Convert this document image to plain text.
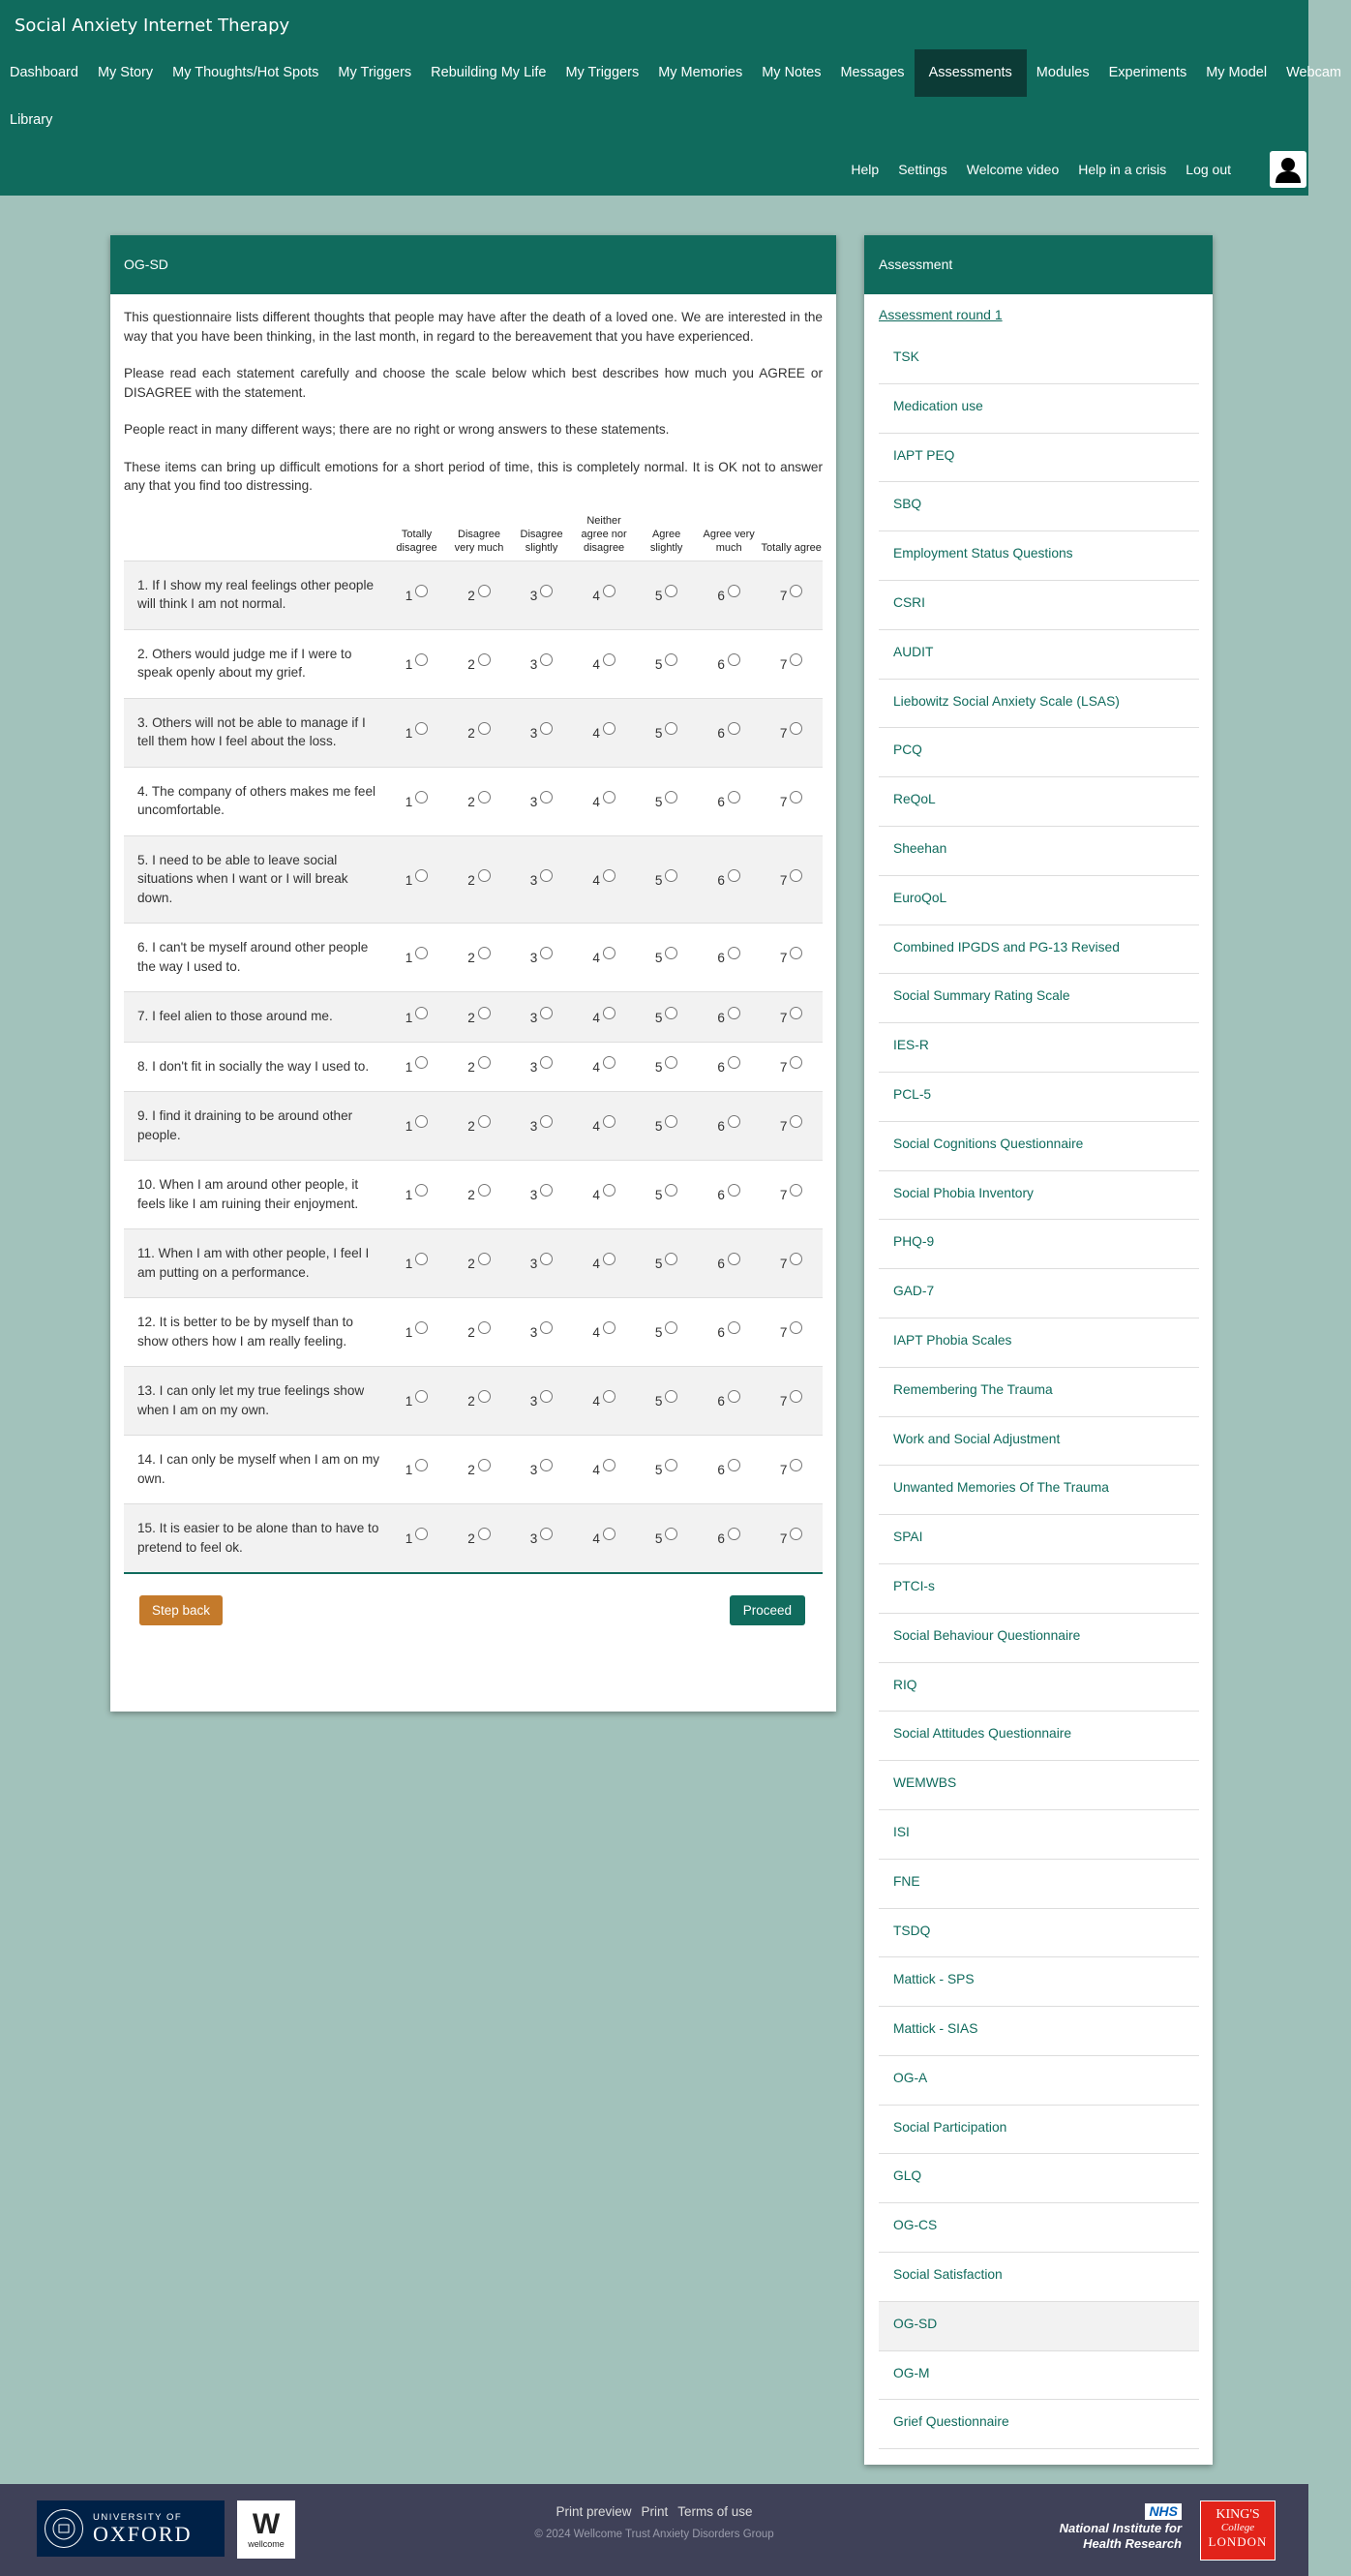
Social Anxiety Internet Therapy
Dashboard	My Story	My Thoughts/Hot Spots	My Triggers	Rebuilding My Life	My Triggers	My Memories	My Notes	Messages	Assessments	Modules	Experiments	My Model	Webcam
Library
Help	Settings	Welcome video	Help in a crisis	Log out
OG-SD

This questionnaire lists different thoughts that people may have after the death of a loved one. We are interested in the way that you have been thinking, in the last month, in regard to the bereavement that you have experienced.

Please read each statement carefully and choose the scale below which best describes how much you AGREE or DISAGREE with the statement.

People react in many different ways; there are no right or wrong answers to these statements.

These items can bring up difficult emotions for a short period of time, this is completely normal. It is OK not to answer any that you find too distressing.

	Totally disagree	Disagree very much	Disagree slightly	Neither agree nor disagree	Agree slightly	Agree very much	Totally agree
1. If I show my real feelings other people will think I am not normal.	1	2	3	4	5	6	7
2. Others would judge me if I were to speak openly about my grief.	1	2	3	4	5	6	7
3. Others will not be able to manage if I tell them how I feel about the loss.	1	2	3	4	5	6	7
4. The company of others makes me feel uncomfortable.	1	2	3	4	5	6	7
5. I need to be able to leave social situations when I want or I will break down.	1	2	3	4	5	6	7
6. I can't be myself around other people the way I used to.	1	2	3	4	5	6	7
7. I feel alien to those around me.	1	2	3	4	5	6	7
8. I don't fit in socially the way I used to.	1	2	3	4	5	6	7
9. I find it draining to be around other people.	1	2	3	4	5	6	7
10. When I am around other people, it feels like I am ruining their enjoyment.	1	2	3	4	5	6	7
11. When I am with other people, I feel I am putting on a performance.	1	2	3	4	5	6	7
12. It is better to be by myself than to show others how I am really feeling.	1	2	3	4	5	6	7
13. I can only let my true feelings show when I am on my own.	1	2	3	4	5	6	7
14. I can only be myself when I am on my own.	1	2	3	4	5	6	7
15. It is easier to be alone than to have to pretend to feel ok.	1	2	3	4	5	6	7
Step back	Proceed
Assessment
Assessment round 1
TSK
Medication use
IAPT PEQ
SBQ
Employment Status Questions
CSRI
AUDIT
Liebowitz Social Anxiety Scale (LSAS)
PCQ
ReQoL
Sheehan
EuroQoL
Combined IPGDS and PG-13 Revised
Social Summary Rating Scale
IES-R
PCL-5
Social Cognitions Questionnaire
Social Phobia Inventory
PHQ-9
GAD-7
IAPT Phobia Scales
Remembering The Trauma
Work and Social Adjustment
Unwanted Memories Of The Trauma
SPAI
PTCI-s
Social Behaviour Questionnaire
RIQ
Social Attitudes Questionnaire
WEMWBS
ISI
FNE
TSDQ
Mattick - SPS
Mattick - SIAS
OG-A
Social Participation
GLQ
OG-CS
Social Satisfaction
OG-SD
OG-M
Grief Questionnaire
UNIVERSITY OF
OXFORD W
wellcome
Print preview Print Terms of use
© 2024 Wellcome Trust Anxiety Disorders Group
NHS
National Institute for
Health Research
KING'S
College
LONDON
